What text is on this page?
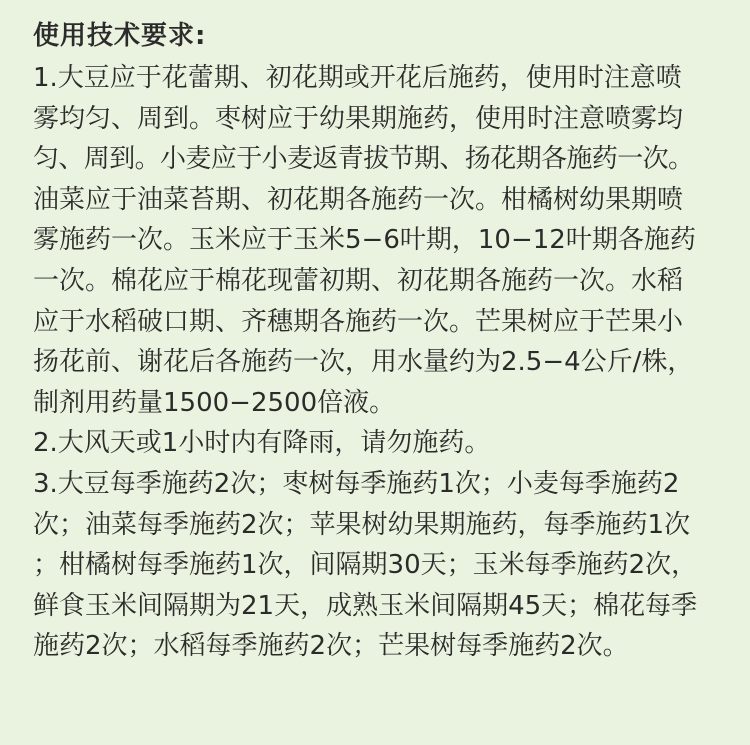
使用技术要求:
1.大豆应于花蕾期、初花期或开花后施药，使用时注意喷
雾均匀、周到。枣树应于幼果期施药，使用时注意喷雾均
匀、周到。小麦应于小麦返青拔节期、扬花期各施药一次。
油菜应于油菜苔期、初花期各施药一次。柑橘树幼果期喷
雾施药一次。玉米应于玉米5−6叶期，10−12叶期各施药
一次。棉花应于棉花现蕾初期、初花期各施药一次。水稻
应于水稻破口期、齐穗期各施药一次。芒果树应于芒果小
扬花前、谢花后各施药一次，用水量约为2.5−4公斤/株，
制剂用药量1500−2500倍液。
2.大风天或1小时内有降雨，请勿施药。
3.大豆每季施药2次；枣树每季施药1次；小麦每季施药2
次；油菜每季施药2次；苹果树幼果期施药，每季施药1次
；柑橘树每季施药1次，间隔期30天；玉米每季施药2次，
鲜食玉米间隔期为21天，成熟玉米间隔期45天；棉花每季
施药2次；水稻每季施药2次；芒果树每季施药2次。
